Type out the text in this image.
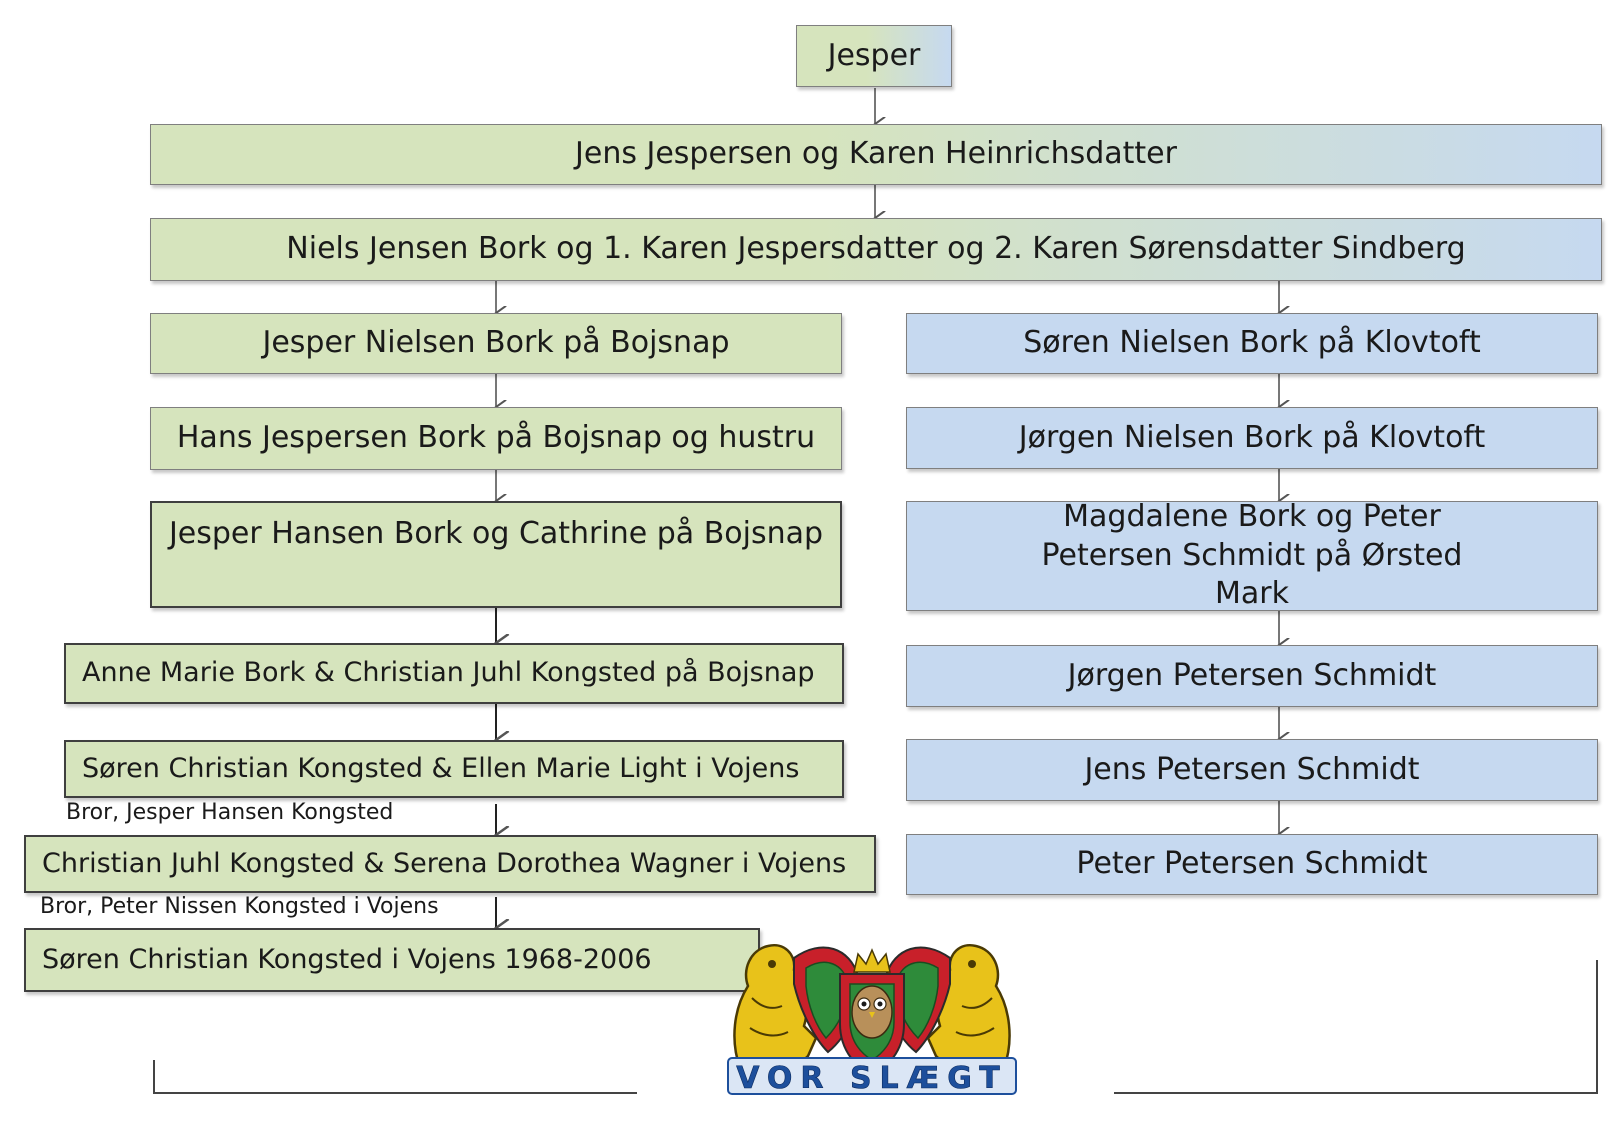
Jesper
Jens Jespersen og Karen Heinrichsdatter
Niels Jensen Bork og 1. Karen Jespersdatter og 2. Karen Sørensdatter Sindberg
Jesper Nielsen Bork på Bojsnap
Hans Jespersen Bork på Bojsnap og hustru
Jesper Hansen Bork og Cathrine på Bojsnap
Anne Marie Bork & Christian Juhl Kongsted på Bojsnap
Søren Christian Kongsted & Ellen Marie Light i Vojens
Bror, Jesper Hansen Kongsted
Christian Juhl Kongsted & Serena Dorothea Wagner i Vojens
Bror, Peter Nissen Kongsted i Vojens
Søren Christian Kongsted i Vojens 1968-2006
Søren Nielsen Bork på Klovtoft
Jørgen Nielsen Bork på Klovtoft
Magdalene Bork og Peter Petersen Schmidt på Ørsted Mark
Jørgen Petersen Schmidt
Jens Petersen Schmidt
Peter Petersen Schmidt
VOR SLÆGT
